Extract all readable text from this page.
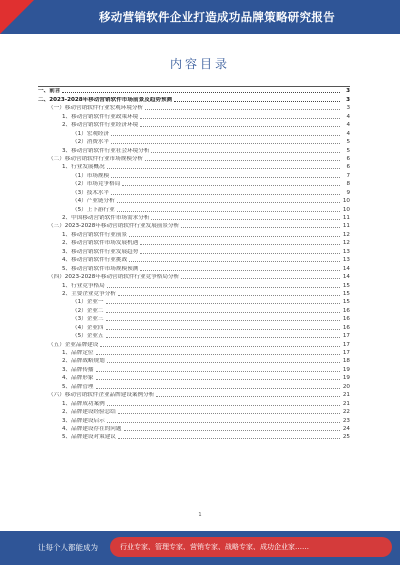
移动营销软件企业打造成功品牌策略研究报告
内容目录
一、前言	3
二、2023-2028年移动营销软件市场前景及趋势预测	3
（一）移动营销软件行业宏观环境分析	3
1、移动营销软件行业政策环境	4
2、移动营销软件行业经济环境	4
（1）宏观经济	4
（2）消费水平	5
3、移动营销软件行业社会环境分析	5
（二）移动营销软件行业市场规模分析	6
1、行业发展概况	6
（1）市场规模	7
（2）市场竞争格局	8
（3）技术水平	9
（4）产业链分析	10
（5）上下游行业	10
2、中国移动营销软件市场需求分析	11
（三）2023-2028年移动营销软件行业发展前景分析	11
1、移动营销软件行业前景	12
2、移动营销软件市场发展机遇	12
3、移动营销软件行业发展趋势	13
4、移动营销软件行业挑战	13
5、移动营销软件市场规模预测	14
（四）2023-2028年移动营销软件行业竞争格局分析	14
1、行业竞争格局	15
2、主要企业竞争分析	15
（1）企业一	15
（2）企业二	16
（3）企业三	16
（4）企业四	16
（5）企业五	17
（五）企业品牌建设	17
1、品牌定位	17
2、品牌战略规划	18
3、品牌传播	19
4、品牌形象	19
5、品牌管理	20
（六）移动营销软件企业品牌建设案例分析	21
1、品牌成功案例	21
2、品牌建设经验总结	22
3、品牌建设启示	23
4、品牌建设存在的问题	24
5、品牌建设对策建议	25
1
让每个人都能成为	行业专家、管理专家、营销专家、战略专家、成功企业家……
